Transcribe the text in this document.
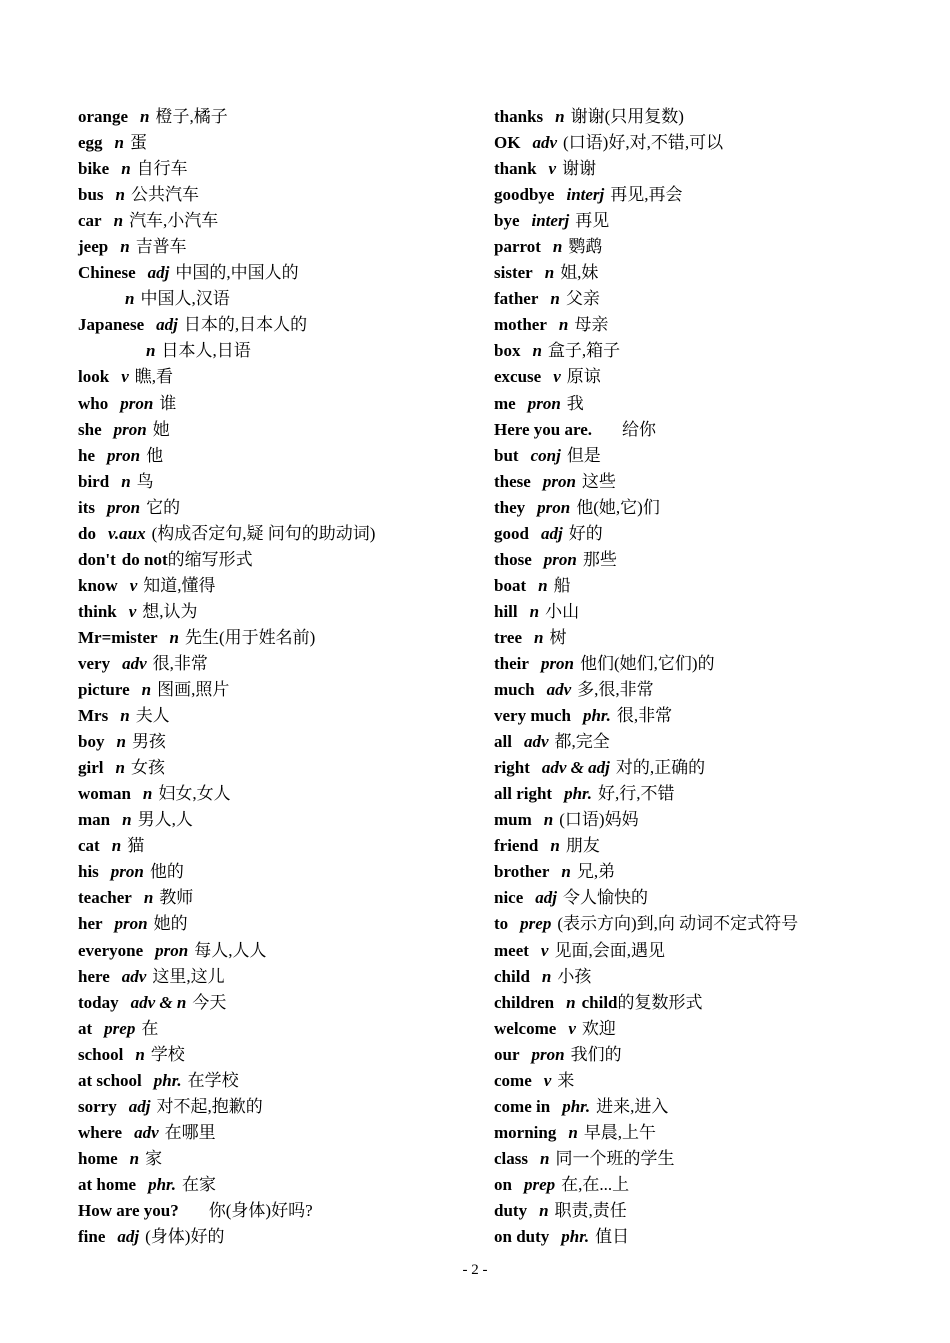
orange n 橙子,橘子
egg n 蛋
bike n 自行车
bus n 公共汽车
car n 汽车,小汽车
jeep n 吉普车
Chinese adj 中国的,中国人的
n 中国人,汉语
Japanese adj 日本的,日本人的
n 日本人,日语
look v 瞧,看
who pron 谁
she pron 她
he pron 他
bird n 鸟
its pron 它的
do v.aux (构成否定句,疑 问句的助动词)
don't do not的缩写形式
know v 知道,懂得
think v 想,认为
Mr=mister n 先生(用于姓名前)
very adv 很,非常
picture n 图画,照片
Mrs n 夫人
boy n 男孩
girl n 女孩
woman n 妇女,女人
man n 男人,人
cat n 猫
his pron 他的
teacher n 教师
her pron 她的
everyone pron 每人,人人
here adv 这里,这儿
today adv & n 今天
at prep 在
school n 学校
at school phr. 在学校
sorry adj 对不起,抱歉的
where adv 在哪里
home n 家
at home phr. 在家
How are you? 你(身体)好吗?
fine adj (身体)好的
thanks n 谢谢(只用复数)
OK adv (口语)好,对,不错,可以
thank v 谢谢
goodbye interj 再见,再会
bye interj 再见
parrot n 鹦鹉
sister n 姐,妹
father n 父亲
mother n 母亲
box n 盒子,箱子
excuse v 原谅
me pron 我
Here you are. 给你
but conj 但是
these pron 这些
they pron 他(她,它)们
good adj 好的
those pron 那些
boat n 船
hill n 小山
tree n 树
their pron 他们(她们,它们)的
much adv 多,很,非常
very much phr. 很,非常
all adv 都,完全
right adv & adj 对的,正确的
all right phr. 好,行,不错
mum n (口语)妈妈
friend n 朋友
brother n 兄,弟
nice adj 令人愉快的
to prep (表示方向)到,向 动词不定式符号
meet v 见面,会面,遇见
child n 小孩
children n child的复数形式
welcome v 欢迎
our pron 我们的
come v 来
come in phr. 进来,进入
morning n 早晨,上午
class n 同一个班的学生
on prep 在,在...上
duty n 职责,责任
on duty phr. 值日
- 2 -
